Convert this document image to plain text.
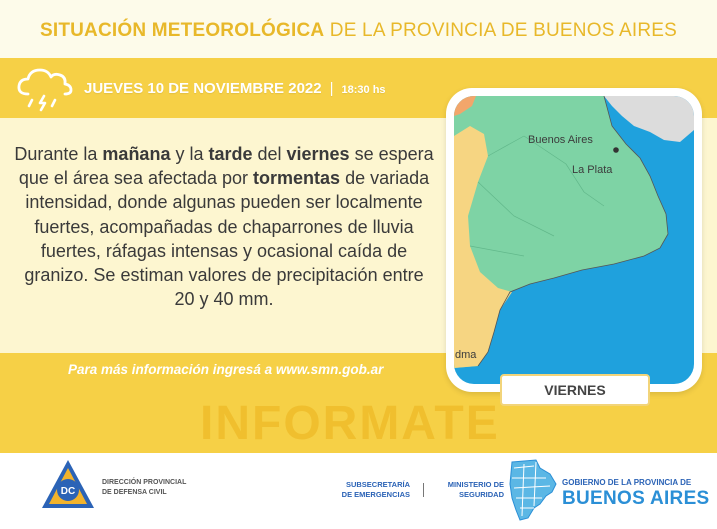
SITUACIÓN METEOROLÓGICA DE LA PROVINCIA DE BUENOS AIRES
JUEVES 10 DE NOVIEMBRE 2022 | 18:30 hs

Durante la mañana y la tarde del viernes se espera que el área sea afectada por tormentas de variada intensidad, donde algunas pueden ser localmente fuertes, acompañadas de chaparrones de lluvia fuertes, ráfagas intensas y ocasional caída de granizo. Se estiman valores de precipitación entre 20 y 40 mm.

Para más información ingresá a www.smn.gob.ar
INFORMATE
Buenos Aires
La Plata
dma
VIERNES
DC
DIRECCIÓN PROVINCIAL
DE DEFENSA CIVIL
SUBSECRETARÍA
DE EMERGENCIAS
MINISTERIO DE
SEGURIDAD
GOBIERNO DE LA PROVINCIA DE
BUENOS AIRES
